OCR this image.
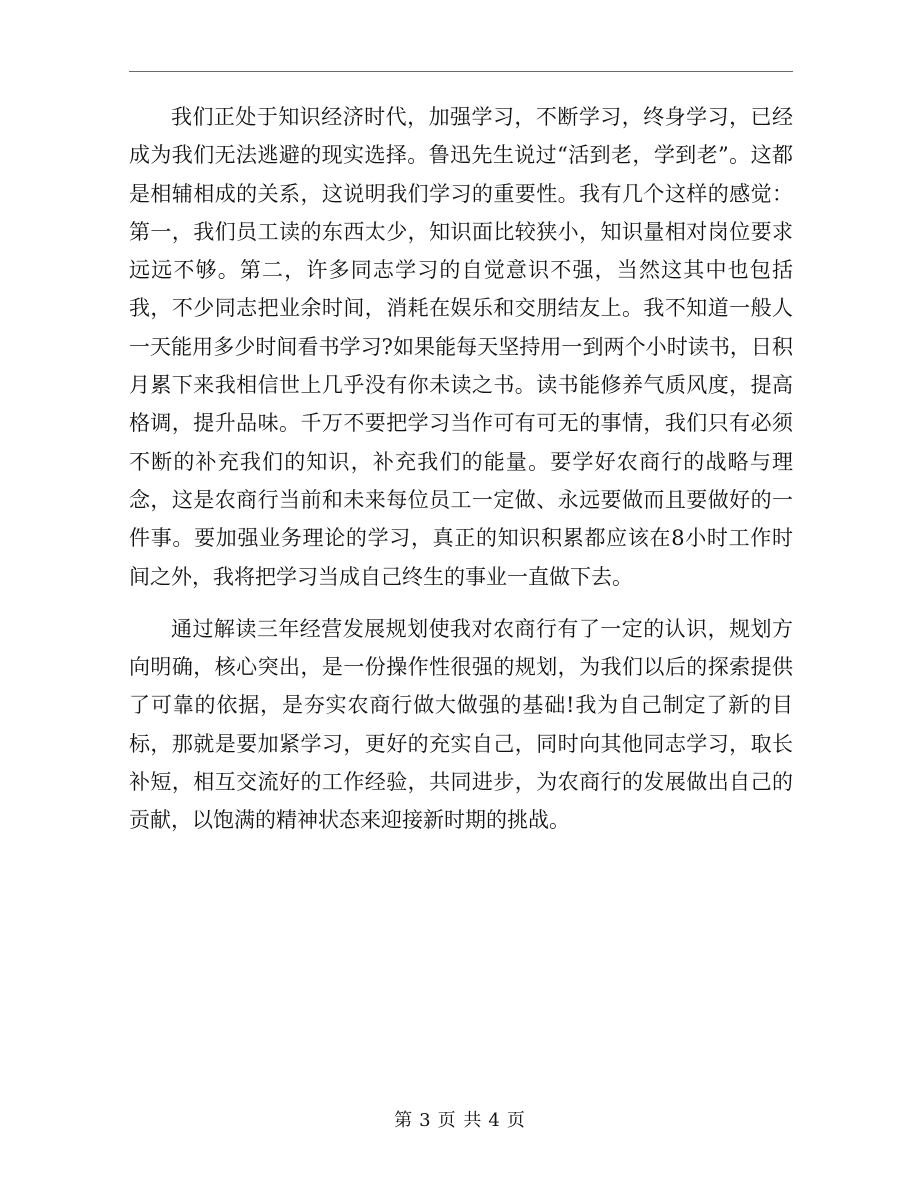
我们正处于知识经济时代，加强学习，不断学习，终身学习，已经成为我们无法逃避的现实选择。鲁迅先生说过“活到老，学到老”。这都是相辅相成的关系，这说明我们学习的重要性。我有几个这样的感觉：第一，我们员工读的东西太少，知识面比较狭小，知识量相对岗位要求远远不够。第二，许多同志学习的自觉意识不强，当然这其中也包括我，不少同志把业余时间，消耗在娱乐和交朋结友上。我不知道一般人一天能用多少时间看书学习?如果能每天坚持用一到两个小时读书，日积月累下来我相信世上几乎没有你未读之书。读书能修养气质风度，提高格调，提升品味。千万不要把学习当作可有可无的事情，我们只有必须不断的补充我们的知识，补充我们的能量。要学好农商行的战略与理念，这是农商行当前和未来每位员工一定做、永远要做而且要做好的一件事。要加强业务理论的学习，真正的知识积累都应该在8小时工作时间之外，我将把学习当成自己终生的事业一直做下去。

通过解读三年经营发展规划使我对农商行有了一定的认识，规划方向明确，核心突出，是一份操作性很强的规划，为我们以后的探索提供了可靠的依据，是夯实农商行做大做强的基础!我为自己制定了新的目标，那就是要加紧学习，更好的充实自己，同时向其他同志学习，取长补短，相互交流好的工作经验，共同进步，为农商行的发展做出自己的贡献，以饱满的精神状态来迎接新时期的挑战。

第 3 页 共 4 页
